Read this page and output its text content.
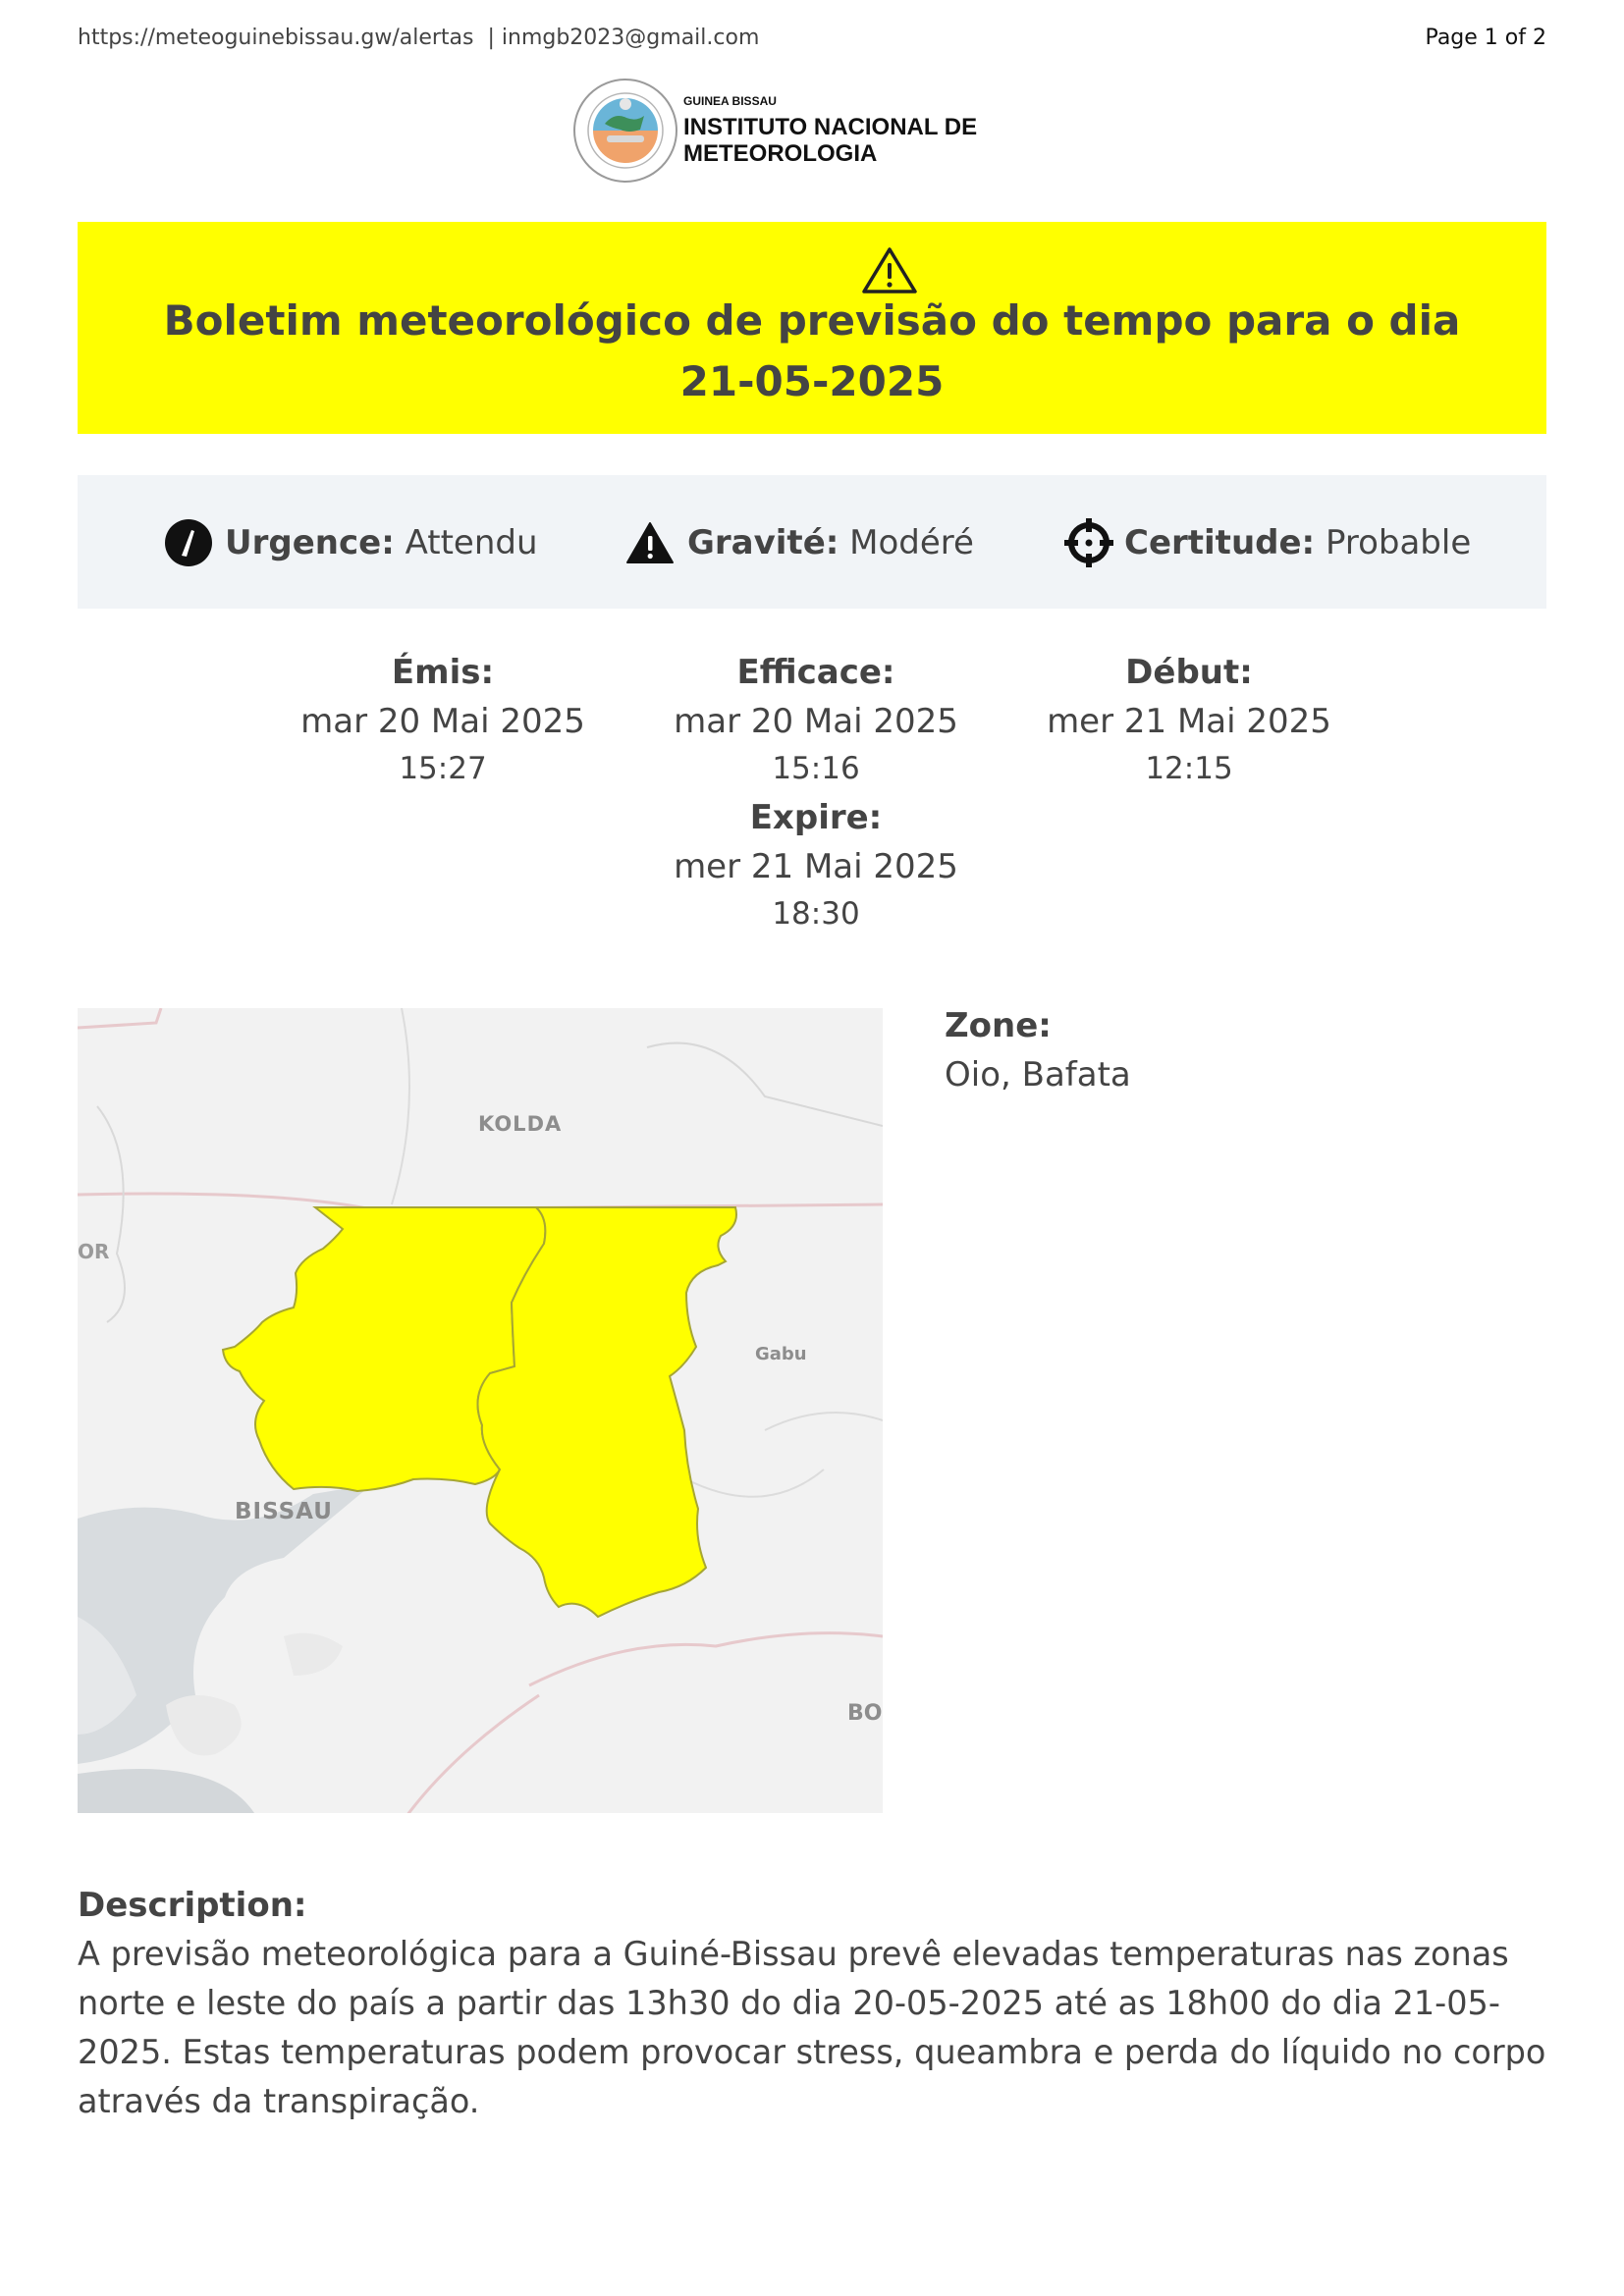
https://meteoguinebissau.gw/alertas | inmgb2023@gmail.com	Page 1 of 2
GUINEA BISSAU
INSTITUTO NACIONAL DE
METEOROLOGIA
Boletim meteorológico de previsão do tempo para o dia 21-05-2025
Urgence: Attendu	Gravité: Modéré	Certitude: Probable
Émis:
mar 20 Mai 2025
15:27
Efficace:
mar 20 Mai 2025
15:16
Début:
mer 21 Mai 2025
12:15
Expire:
mer 21 Mai 2025
18:30
KOLDA
Gabu
BISSAU
OR
BO
Zone:
Oio, Bafata
Description:
A previsão meteorológica para a Guiné-Bissau prevê elevadas temperaturas nas zonas norte e leste do país a partir das 13h30 do dia 20-05-2025 até as 18h00 do dia 21-05-2025. Estas temperaturas podem provocar stress, queambra e perda do líquido no corpo através da transpiração.
